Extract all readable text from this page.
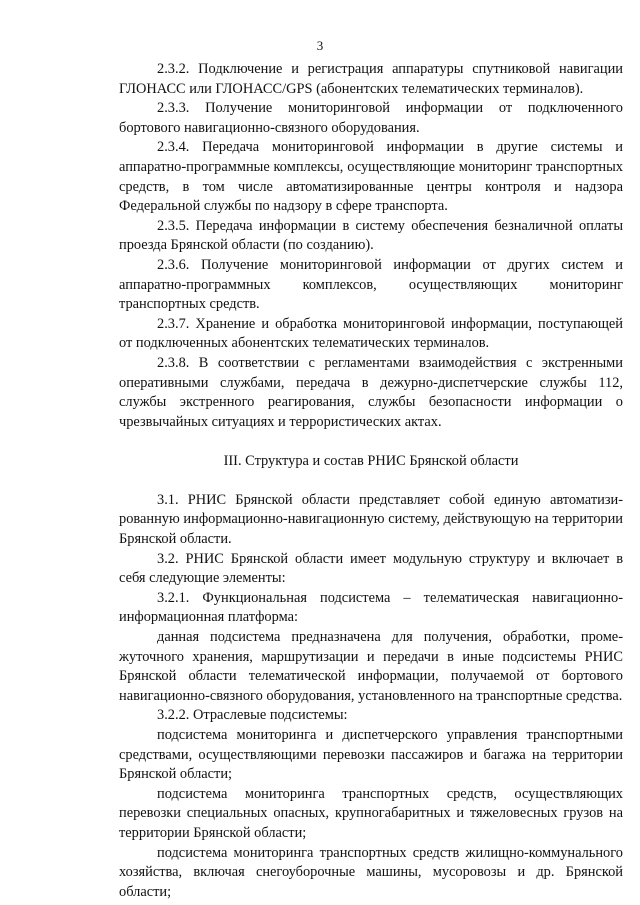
3

2.3.2. Подключение и регистрация аппаратуры спутниковой навигации ГЛОНАСС или ГЛОНАСС/GPS (абонентских телематических терминалов).

2.3.3. Получение мониторинговой информации от подключенного бортового навигационно-связного оборудования.

2.3.4. Передача мониторинговой информации в другие системы и аппаратно-программные комплексы, осуществляющие мониторинг транспортных средств, в том числе автоматизированные центры контроля и надзора Федеральной службы по надзору в сфере транспорта.

2.3.5. Передача информации в систему обеспечения безналичной оплаты проезда Брянской области (по созданию).

2.3.6. Получение мониторинговой информации от других систем и аппаратно-программных комплексов, осуществляющих мониторинг транспортных средств.

2.3.7. Хранение и обработка мониторинговой информации, поступающей от подключенных абонентских телематических терминалов.

2.3.8. В соответствии с регламентами взаимодействия с экстренными оперативными службами, передача в дежурно-диспетчерские службы 112, службы экстренного реагирования, службы безопасности информации о чрезвычайных ситуациях и террористических актах.

III. Структура и состав РНИС Брянской области

3.1. РНИС Брянской области представляет собой единую автоматизированную информационно-навигационную систему, действующую на территории Брянской области.

3.2. РНИС Брянской области имеет модульную структуру и включает в себя следующие элементы:

3.2.1. Функциональная подсистема – телематическая навигационно-информационная платформа:

данная подсистема предназначена для получения, обработки, промежуточного хранения, маршрутизации и передачи в иные подсистемы РНИС Брянской области телематической информации, получаемой от бортового навигационно-связного оборудования, установленного на транспортные средства.

3.2.2. Отраслевые подсистемы:

подсистема мониторинга и диспетчерского управления транспортными средствами, осуществляющими перевозки пассажиров и багажа на территории Брянской области;

подсистема мониторинга транспортных средств, осуществляющих перевозки специальных опасных, крупногабаритных и тяжеловесных грузов на территории Брянской области;

подсистема мониторинга транспортных средств жилищно-коммунального хозяйства, включая снегоуборочные машины, мусоровозы и др. Брянской области;
